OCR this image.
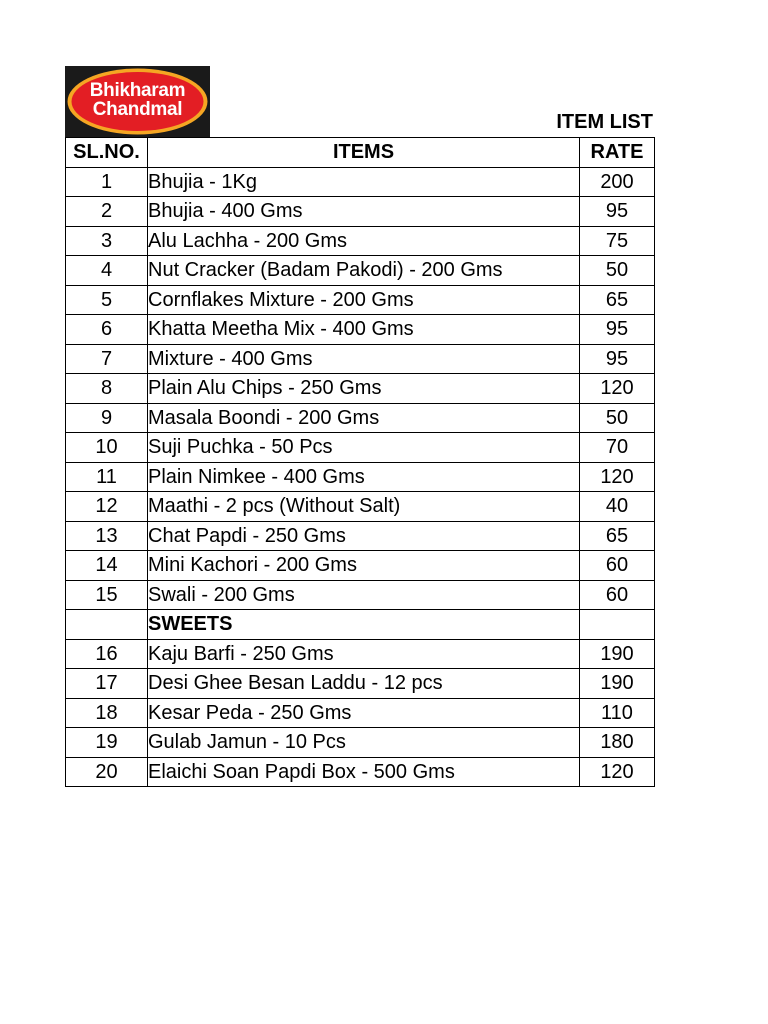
Bhikharam
Chandmal
ITEM LIST
SL.NO.	ITEMS	RATE
1	Bhujia - 1Kg	200
2	Bhujia - 400 Gms	95
3	Alu Lachha - 200 Gms	75
4	Nut Cracker (Badam Pakodi) - 200 Gms	50
5	Cornflakes Mixture - 200 Gms	65
6	Khatta Meetha Mix - 400 Gms	95
7	Mixture - 400 Gms	95
8	Plain Alu Chips - 250 Gms	120
9	Masala Boondi - 200 Gms	50
10	Suji Puchka - 50 Pcs	70
11	Plain Nimkee - 400 Gms	120
12	Maathi - 2 pcs (Without Salt)	40
13	Chat Papdi - 250 Gms	65
14	Mini Kachori - 200 Gms	60
15	Swali - 200 Gms	60
	SWEETS	
16	Kaju Barfi - 250 Gms	190
17	Desi Ghee Besan Laddu - 12 pcs	190
18	Kesar Peda - 250 Gms	110
19	Gulab Jamun - 10 Pcs	180
20	Elaichi Soan Papdi Box - 500 Gms	120
